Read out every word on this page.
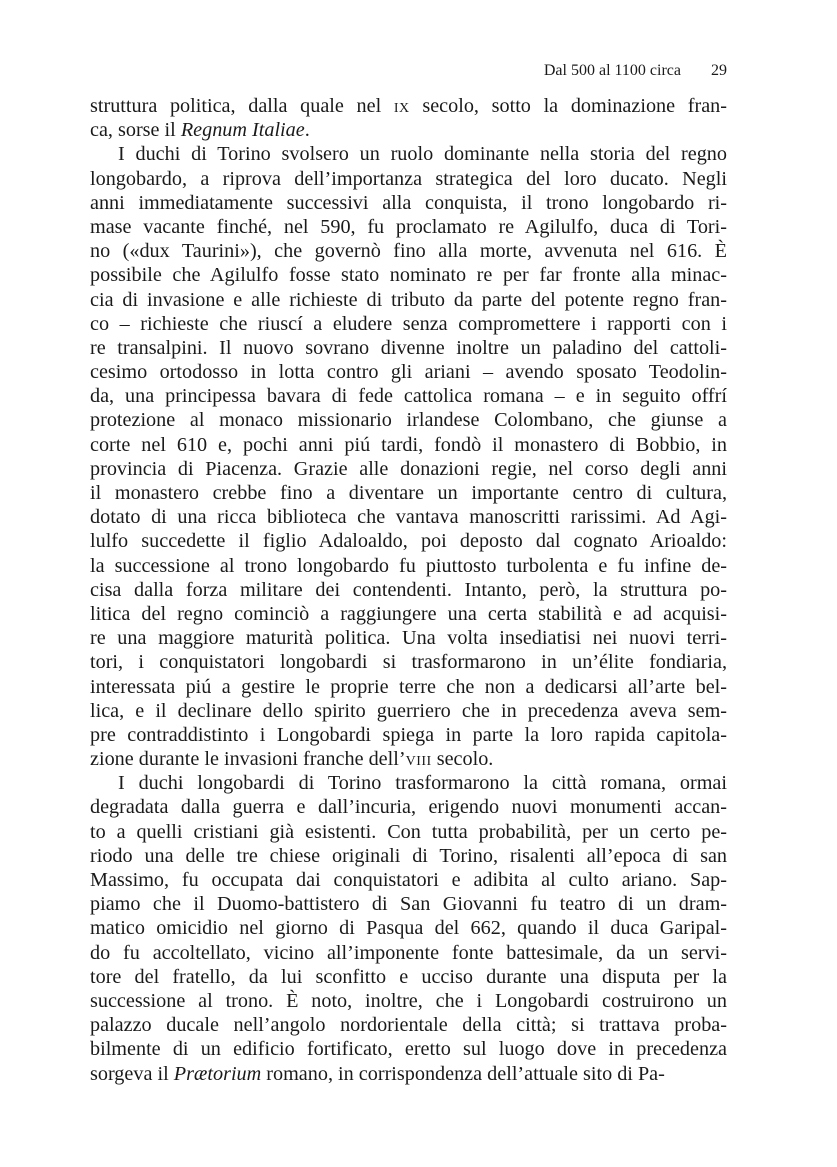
Dal 500 al 1100 circa 29
struttura politica, dalla quale nel ix secolo, sotto la dominazione fran-
ca, sorse il Regnum Italiae.
I duchi di Torino svolsero un ruolo dominante nella storia del regno
longobardo, a riprova dell’importanza strategica del loro ducato. Negli
anni immediatamente successivi alla conquista, il trono longobardo ri-
mase vacante finché, nel 590, fu proclamato re Agilulfo, duca di Tori-
no («dux Taurini»), che governò fino alla morte, avvenuta nel 616. È
possibile che Agilulfo fosse stato nominato re per far fronte alla minac-
cia di invasione e alle richieste di tributo da parte del potente regno fran-
co – richieste che riuscí a eludere senza compromettere i rapporti con i
re transalpini. Il nuovo sovrano divenne inoltre un paladino del cattoli-
cesimo ortodosso in lotta contro gli ariani – avendo sposato Teodolin-
da, una principessa bavara di fede cattolica romana – e in seguito offrí
protezione al monaco missionario irlandese Colombano, che giunse a
corte nel 610 e, pochi anni piú tardi, fondò il monastero di Bobbio, in
provincia di Piacenza. Grazie alle donazioni regie, nel corso degli anni
il monastero crebbe fino a diventare un importante centro di cultura,
dotato di una ricca biblioteca che vantava manoscritti rarissimi. Ad Agi-
lulfo succedette il figlio Adaloaldo, poi deposto dal cognato Arioaldo:
la successione al trono longobardo fu piuttosto turbolenta e fu infine de-
cisa dalla forza militare dei contendenti. Intanto, però, la struttura po-
litica del regno cominciò a raggiungere una certa stabilità e ad acquisi-
re una maggiore maturità politica. Una volta insediatisi nei nuovi terri-
tori, i conquistatori longobardi si trasformarono in un’élite fondiaria,
interessata piú a gestire le proprie terre che non a dedicarsi all’arte bel-
lica, e il declinare dello spirito guerriero che in precedenza aveva sem-
pre contraddistinto i Longobardi spiega in parte la loro rapida capitola-
zione durante le invasioni franche dell’viii secolo.
I duchi longobardi di Torino trasformarono la città romana, ormai
degradata dalla guerra e dall’incuria, erigendo nuovi monumenti accan-
to a quelli cristiani già esistenti. Con tutta probabilità, per un certo pe-
riodo una delle tre chiese originali di Torino, risalenti all’epoca di san
Massimo, fu occupata dai conquistatori e adibita al culto ariano. Sap-
piamo che il Duomo-battistero di San Giovanni fu teatro di un dram-
matico omicidio nel giorno di Pasqua del 662, quando il duca Garipal-
do fu accoltellato, vicino all’imponente fonte battesimale, da un servi-
tore del fratello, da lui sconfitto e ucciso durante una disputa per la
successione al trono. È noto, inoltre, che i Longobardi costruirono un
palazzo ducale nell’angolo nordorientale della città; si trattava proba-
bilmente di un edificio fortificato, eretto sul luogo dove in precedenza
sorgeva il Prætorium romano, in corrispondenza dell’attuale sito di Pa-
